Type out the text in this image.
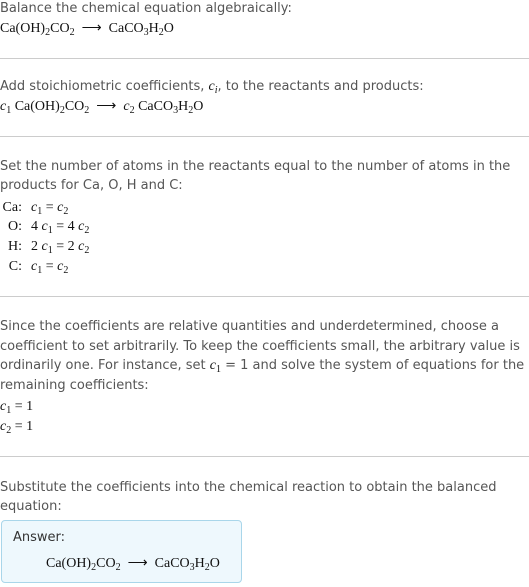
Balance the chemical equation algebraically:
$Ca(OH)_2CO_2$ ⟶ $CaCO_3H_2O$
Add stoichiometric coefficients, $c_i$, to the reactants and products:
$c_1$ $Ca(OH)_2CO_2$ ⟶ $c_2$ $CaCO_3H_2O$
Set the number of atoms in the reactants equal to the number of atoms in the
products for Ca, O, H and C:
Ca: $c_1 = c_2$
O: 4 $c_1 = 4$ $c_2$
H: 2 $c_1 = 2$ $c_2$
C: $c_1 = c_2$
Since the coefficients are relative quantities and underdetermined, choose a
coefficient to set arbitrarily. To keep the coefficients small, the arbitrary value is
ordinarily one. For instance, set $c_1 = 1$ and solve the system of equations for the
remaining coefficients:
$c_1 = 1$
$c_2 = 1$
Substitute the coefficients into the chemical reaction to obtain the balanced
equation:
Answer:
$Ca(OH)_2CO_2$ ⟶ $CaCO_3H_2O$
